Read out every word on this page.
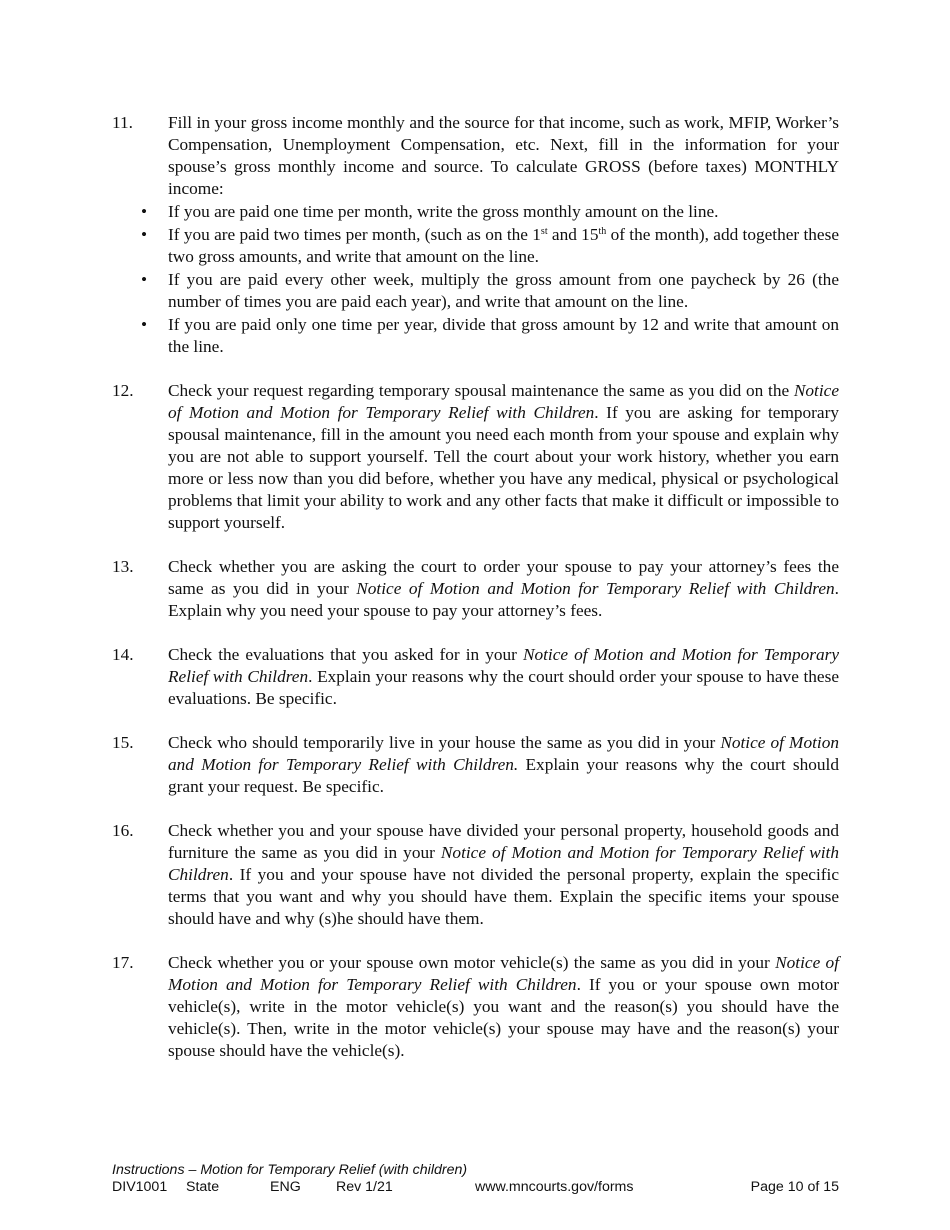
11. Fill in your gross income monthly and the source for that income, such as work, MFIP, Worker’s Compensation, Unemployment Compensation, etc. Next, fill in the information for your spouse’s gross monthly income and source. To calculate GROSS (before taxes) MONTHLY income:
• If you are paid one time per month, write the gross monthly amount on the line.
• If you are paid two times per month, (such as on the 1st and 15th of the month), add together these two gross amounts, and write that amount on the line.
• If you are paid every other week, multiply the gross amount from one paycheck by 26 (the number of times you are paid each year), and write that amount on the line.
• If you are paid only one time per year, divide that gross amount by 12 and write that amount on the line.
12. Check your request regarding temporary spousal maintenance the same as you did on the Notice of Motion and Motion for Temporary Relief with Children. If you are asking for temporary spousal maintenance, fill in the amount you need each month from your spouse and explain why you are not able to support yourself. Tell the court about your work history, whether you earn more or less now than you did before, whether you have any medical, physical or psychological problems that limit your ability to work and any other facts that make it difficult or impossible to support yourself.
13. Check whether you are asking the court to order your spouse to pay your attorney’s fees the same as you did in your Notice of Motion and Motion for Temporary Relief with Children. Explain why you need your spouse to pay your attorney’s fees.
14. Check the evaluations that you asked for in your Notice of Motion and Motion for Temporary Relief with Children. Explain your reasons why the court should order your spouse to have these evaluations. Be specific.
15. Check who should temporarily live in your house the same as you did in your Notice of Motion and Motion for Temporary Relief with Children. Explain your reasons why the court should grant your request. Be specific.
16. Check whether you and your spouse have divided your personal property, household goods and furniture the same as you did in your Notice of Motion and Motion for Temporary Relief with Children. If you and your spouse have not divided the personal property, explain the specific terms that you want and why you should have them. Explain the specific items your spouse should have and why (s)he should have them.
17. Check whether you or your spouse own motor vehicle(s) the same as you did in your Notice of Motion and Motion for Temporary Relief with Children. If you or your spouse own motor vehicle(s), write in the motor vehicle(s) you want and the reason(s) you should have the vehicle(s). Then, write in the motor vehicle(s) your spouse may have and the reason(s) your spouse should have the vehicle(s).
Instructions – Motion for Temporary Relief (with children)
DIV1001 State	ENG Rev 1/21	www.mncourts.gov/forms	Page 10 of 15
